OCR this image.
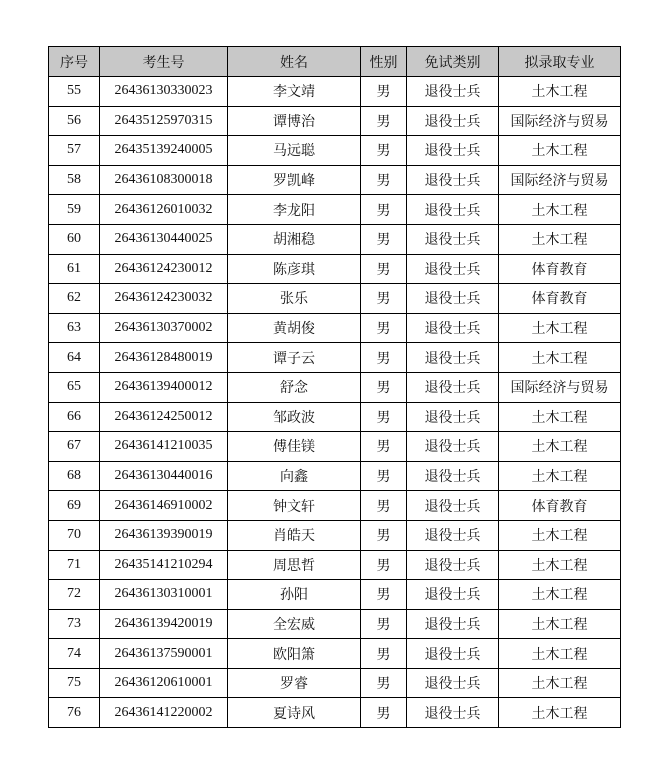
序号	考生号	姓名	性别	免试类别	拟录取专业
55	26436130330023	李文靖	男	退役士兵	土木工程
56	26435125970315	谭博治	男	退役士兵	国际经济与贸易
57	26435139240005	马远聪	男	退役士兵	土木工程
58	26436108300018	罗凯峰	男	退役士兵	国际经济与贸易
59	26436126010032	李龙阳	男	退役士兵	土木工程
60	26436130440025	胡湘稳	男	退役士兵	土木工程
61	26436124230012	陈彦琪	男	退役士兵	体育教育
62	26436124230032	张乐	男	退役士兵	体育教育
63	26436130370002	黄胡俊	男	退役士兵	土木工程
64	26436128480019	谭子云	男	退役士兵	土木工程
65	26436139400012	舒念	男	退役士兵	国际经济与贸易
66	26436124250012	邹政波	男	退役士兵	土木工程
67	26436141210035	傅佳镁	男	退役士兵	土木工程
68	26436130440016	向鑫	男	退役士兵	土木工程
69	26436146910002	钟文轩	男	退役士兵	体育教育
70	26436139390019	肖皓天	男	退役士兵	土木工程
71	26435141210294	周思哲	男	退役士兵	土木工程
72	26436130310001	孙阳	男	退役士兵	土木工程
73	26436139420019	全宏威	男	退役士兵	土木工程
74	26436137590001	欧阳箫	男	退役士兵	土木工程
75	26436120610001	罗睿	男	退役士兵	土木工程
76	26436141220002	夏诗风	男	退役士兵	土木工程
